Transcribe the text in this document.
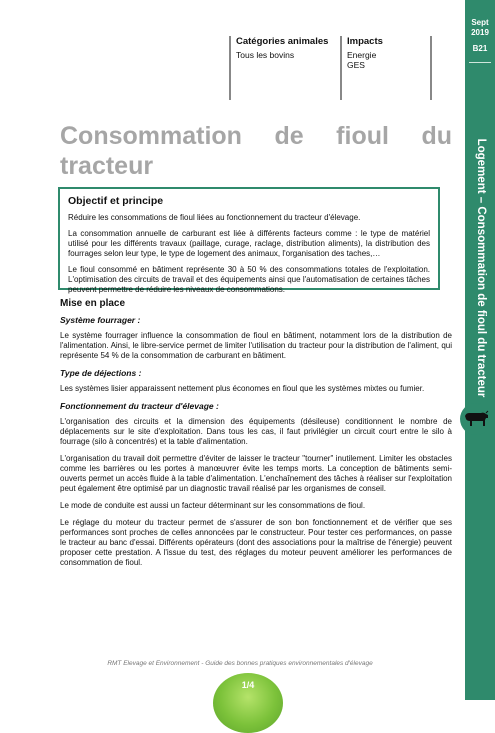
Sept
2019
B21
Logement – Consommation de fioul du tracteur
Catégories animales
Tous les bovins
Impacts
Energie
GES
Consommation de fioul du
tracteur
Objectif et principe

Réduire les consommations de fioul liées au fonctionnement du tracteur d'élevage.

La consommation annuelle de carburant est liée à différents facteurs comme : le type de matériel utilisé pour les différents travaux (paillage, curage, raclage, distribution aliments), la distribution des fourrages selon leur type, le type de logement des animaux, l'organisation des taches,…

Le fioul consommé en bâtiment représente 30 à 50 % des consommations totales de l'exploitation. L'optimisation des circuits de travail et des équipements ainsi que l'automatisation de certaines tâches peuvent permettre de réduire les niveaux de consommations.

Mise en place
Système fourrager :

Le système fourrager influence la consommation de fioul en bâtiment, notamment lors de la distribution de l'alimentation. Ainsi, le libre-service permet de limiter l'utilisation du tracteur pour la distribution de l'aliment, qui représente 54 % de la consommation de carburant en bâtiment.

Type de déjections :

Les systèmes lisier apparaissent nettement plus économes en fioul que les systèmes mixtes ou fumier.

Fonctionnement du tracteur d'élevage :

L'organisation des circuits et la dimension des équipements (désileuse) conditionnent le nombre de déplacements sur le site d'exploitation. Dans tous les cas, il faut privilégier un circuit court entre le silo à fourrage (silo à concentrés) et la table d'alimentation.

L'organisation du travail doit permettre d'éviter de laisser le tracteur "tourner" inutilement. Limiter les obstacles comme les barrières ou les portes à manœuvrer évite les temps morts. La conception de bâtiments semi-ouverts permet un accès fluide à la table d'alimentation. L'enchaînement des tâches à réaliser sur l'exploitation peut également être optimisé par un diagnostic travail réalisé par les organismes de conseil.

Le mode de conduite est aussi un facteur déterminant sur les consommations de fioul.

Le réglage du moteur du tracteur permet de s'assurer de son bon fonctionnement et de vérifier que ses performances sont proches de celles annoncées par le constructeur. Pour tester ces performances, on passe le tracteur au banc d'essai. Différents opérateurs (dont des associations pour la maîtrise de l'énergie) peuvent proposer cette prestation. A l'issue du test, des réglages du moteur peuvent améliorer les performances de consommation de fioul.

RMT Elevage et Environnement - Guide des bonnes pratiques environnementales d'élevage
1/4
